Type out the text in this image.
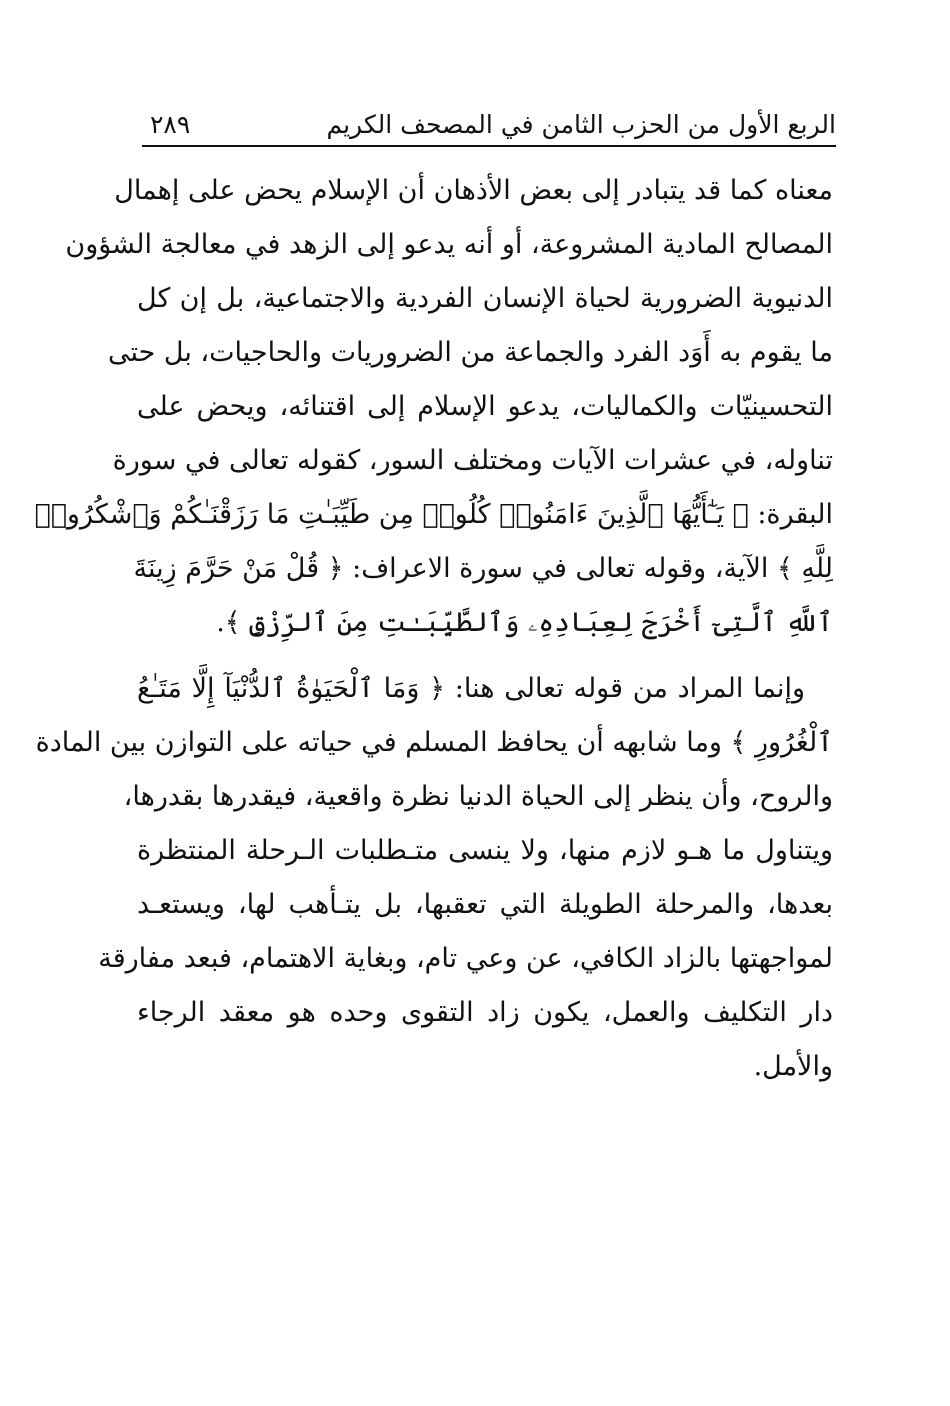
الربع الأول من الحزب الثامن في المصحف الكريم
٢٨٩
معناه كما قد يتبادر إلى بعض الأذهان أن الإسلام يحض على إهمال
المصالح المادية المشروعة، أو أنه يدعو إلى الزهد في معالجة الشؤون
الدنيوية الضرورية لحياة الإنسان الفردية والاجتماعية، بل إن كل
ما يقوم به أَوَد الفرد والجماعة من الضروريات والحاجيات، بل حتى
التحسينيّات والكماليات، يدعو الإسلام إلى اقتنائه، ويحض على
تناوله، في عشرات الآيات ومختلف السور، كقوله تعالى في سورة
البقرة: ﴿ يَـٰٓأَيُّهَا ٱلَّذِينَ ءَامَنُوا۟ كُلُوا۟ مِن طَيِّبَـٰتِ مَا رَزَقْنَـٰكُمْ وَٱشْكُرُوا۟
لِلَّهِ ﴾ الآية، وقوله تعالى في سورة الاعراف: ﴿ قُلْ مَنْ حَرَّمَ زِينَةَ
ٱللَّهِ ٱلَّتِىٓ أَخْرَجَ لِعِبَادِهِۦ وَٱلطَّيِّبَـٰتِ مِنَ ٱلرِّزْقِ ﴾.
وإنما المراد من قوله تعالى هنا: ﴿ وَمَا ٱلْحَيَوٰةُ ٱلدُّنْيَآ إِلَّا مَتَـٰعُ
ٱلْغُرُورِ ﴾ وما شابهه أن يحافظ المسلم في حياته على التوازن بين المادة
والروح، وأن ينظر إلى الحياة الدنيا نظرة واقعية، فيقدرها بقدرها،
ويتناول ما هـو لازم منها، ولا ينسى متـطلبات الـرحلة المنتظرة
بعدها، والمرحلة الطويلة التي تعقبها، بل يتـأهب لها، ويستعـد
لمواجهتها بالزاد الكافي، عن وعي تام، وبغاية الاهتمام، فبعد مفارقة
دار التكليف والعمل، يكون زاد التقوى وحده هو معقد الرجاء
والأمل.
